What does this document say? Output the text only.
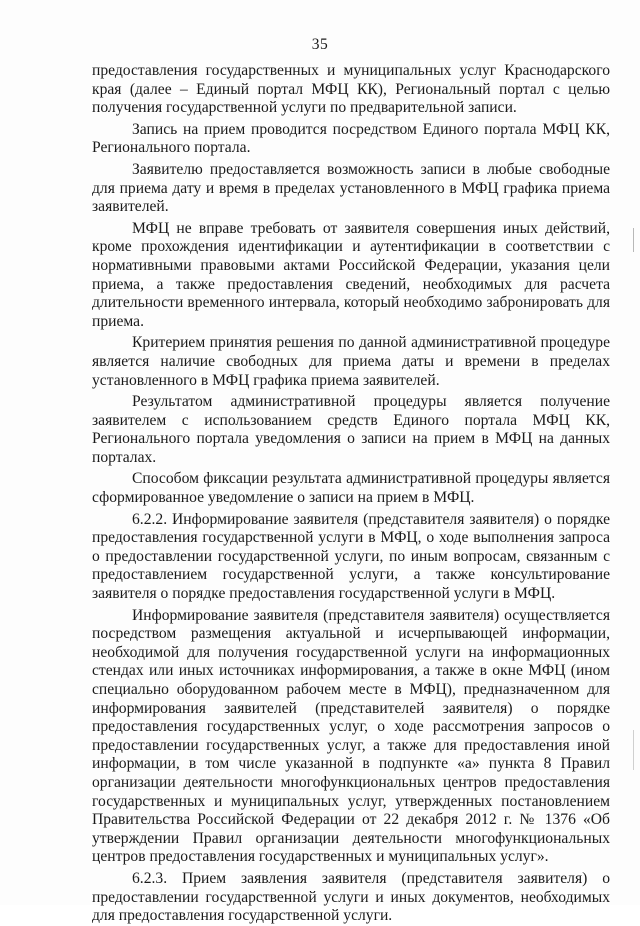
35

предоставления государственных и муниципальных услуг Краснодарского края (далее – Единый портал МФЦ КК), Региональный портал с целью получения государственной услуги по предварительной записи.

Запись на прием проводится посредством Единого портала МФЦ КК, Регионального портала.

Заявителю предоставляется возможность записи в любые свободные для приема дату и время в пределах установленного в МФЦ графика приема заявителей.

МФЦ не вправе требовать от заявителя совершения иных действий, кроме прохождения идентификации и аутентификации в соответствии с нормативными правовыми актами Российской Федерации, указания цели приема, а также предоставления сведений, необходимых для расчета длительности временного интервала, который необходимо забронировать для приема.

Критерием принятия решения по данной административной процедуре является наличие свободных для приема даты и времени в пределах установленного в МФЦ графика приема заявителей.

Результатом административной процедуры является получение заявителем с использованием средств Единого портала МФЦ КК, Регионального портала уведомления о записи на прием в МФЦ на данных порталах.

Способом фиксации результата административной процедуры является сформированное уведомление о записи на прием в МФЦ.

6.2.2. Информирование заявителя (представителя заявителя) о порядке предоставления государственной услуги в МФЦ, о ходе выполнения запроса о предоставлении государственной услуги, по иным вопросам, связанным с предоставлением государственной услуги, а также консультирование заявителя о порядке предоставления государственной услуги в МФЦ.

Информирование заявителя (представителя заявителя) осуществляется посредством размещения актуальной и исчерпывающей информации, необходимой для получения государственной услуги на информационных стендах или иных источниках информирования, а также в окне МФЦ (ином специально оборудованном рабочем месте в МФЦ), предназначенном для информирования заявителей (представителей заявителя) о порядке предоставления государственных услуг, о ходе рассмотрения запросов о предоставлении государственных услуг, а также для предоставления иной информации, в том числе указанной в подпункте «а» пункта 8 Правил организации деятельности многофункциональных центров предоставления государственных и муниципальных услуг, утвержденных постановлением Правительства Российской Федерации от 22 декабря 2012 г. № 1376 «Об утверждении Правил организации деятельности многофункциональных центров предоставления государственных и муниципальных услуг».

6.2.3. Прием заявления заявителя (представителя заявителя) о предоставлении государственной услуги и иных документов, необходимых для предоставления государственной услуги.
